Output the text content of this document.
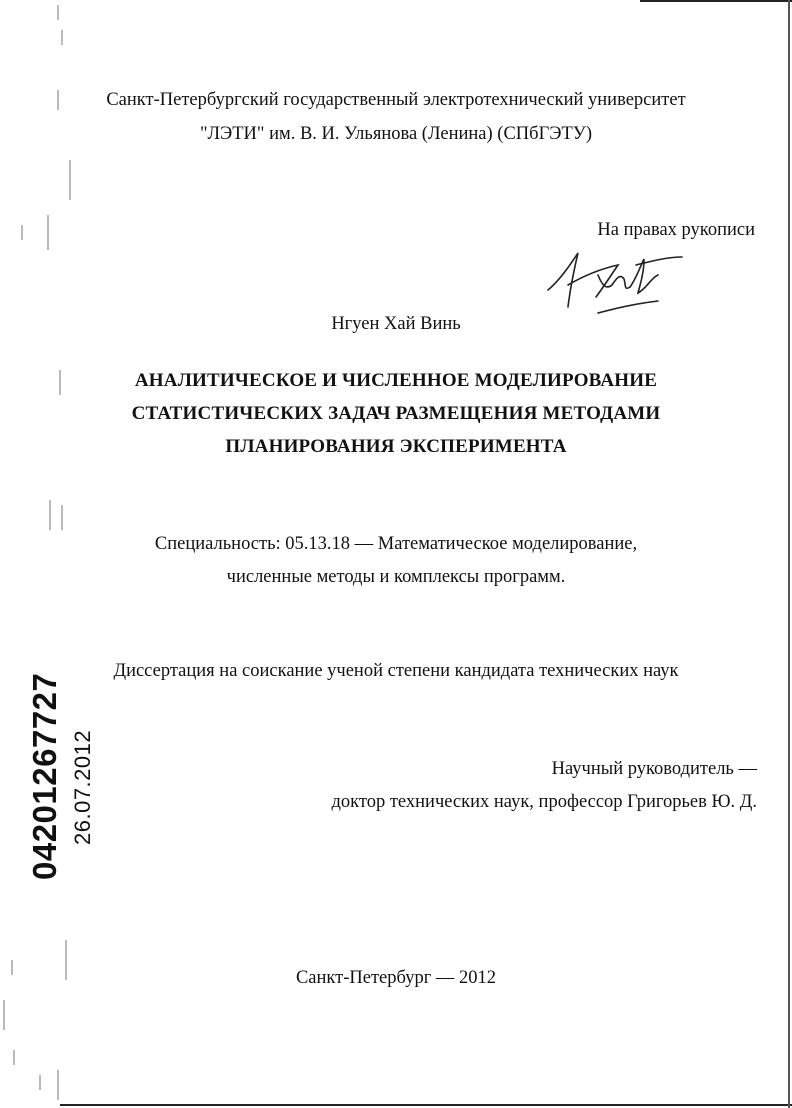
Санкт-Петербургский государственный электротехнический университет
"ЛЭТИ" им. В. И. Ульянова (Ленина) (СПбГЭТУ)
На правах рукописи
Нгуен Хай Винь
АНАЛИТИЧЕСКОЕ И ЧИСЛЕННОЕ МОДЕЛИРОВАНИЕ
СТАТИСТИЧЕСКИХ ЗАДАЧ РАЗМЕЩЕНИЯ МЕТОДАМИ
ПЛАНИРОВАНИЯ ЭКСПЕРИМЕНТА
Специальность: 05.13.18 — Математическое моделирование,
численные методы и комплексы программ.
Диссертация на соискание ученой степени кандидата технических наук
Научный руководитель —
доктор технических наук, профессор Григорьев Ю. Д.
Санкт-Петербург — 2012
04201267727 26.07.2012
